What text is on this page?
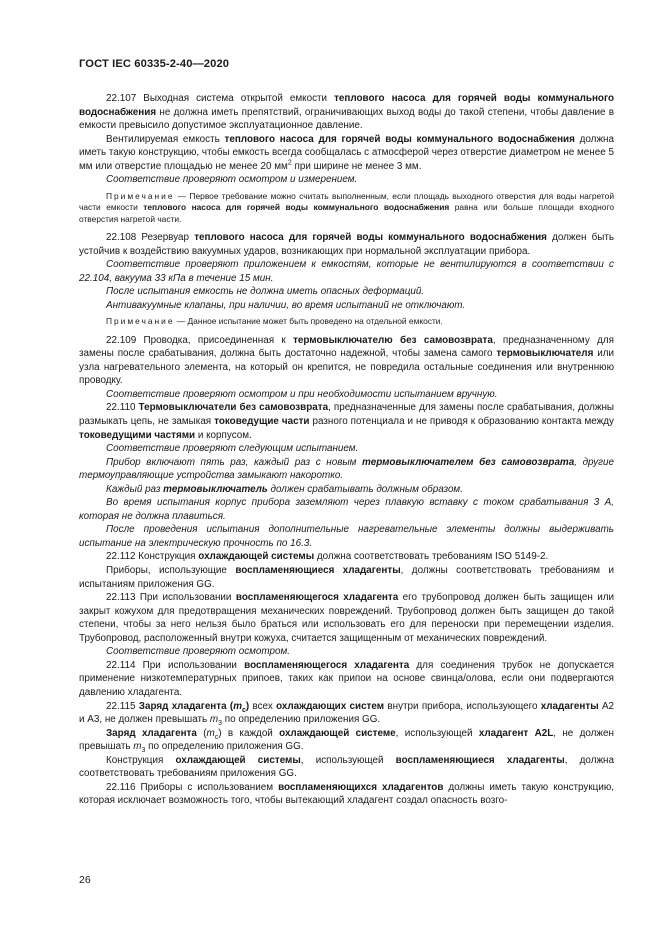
ГОСТ IEC 60335-2-40—2020

22.107 Выходная система открытой емкости теплового насоса для горячей воды коммунального водоснабжения не должна иметь препятствий, ограничивающих выход воды до такой степени, чтобы давление в емкости превысило допустимое эксплуатационное давление.

Вентилируемая емкость теплового насоса для горячей воды коммунального водоснабжения должна иметь такую конструкцию, чтобы емкость всегда сообщалась с атмосферой через отверстие диаметром не менее 5 мм или отверстие площадью не менее 20 $мм^2$ при ширине не менее 3 мм.

Соответствие проверяют осмотром и измерением.

Примечание — Первое требование можно считать выполненным, если площадь выходного отверстия для воды нагретой части емкости теплового насоса для горячей воды коммунального водоснабжения равна или больше площади входного отверстия нагретой части.

22.108 Резервуар теплового насоса для горячей воды коммунального водоснабжения должен быть устойчив к воздействию вакуумных ударов, возникающих при нормальной эксплуатации прибора.

Соответствие проверяют приложением к емкостям, которые не вентилируются в соответствии с 22.104, вакуума 33 кПа в течение 15 мин.

После испытания емкость не должна иметь опасных деформаций.

Антивакуумные клапаны, при наличии, во время испытаний не отключают.

Примечание — Данное испытание может быть проведено на отдельной емкости.

22.109 Проводка, присоединенная к термовыключателю без самовозврата, предназначенному для замены после срабатывания, должна быть достаточно надежной, чтобы замена самого термовыключателя или узла нагревательного элемента, на который он крепится, не повредила остальные соединения или внутреннюю проводку.

Соответствие проверяют осмотром и при необходимости испытанием вручную.

22.110 Термовыключатели без самовозврата, предназначенные для замены после срабатывания, должны размыкать цепь, не замыкая токоведущие части разного потенциала и не приводя к образованию контакта между токоведущими частями и корпусом.

Соответствие проверяют следующим испытанием.

Прибор включают пять раз, каждый раз с новым термовыключателем без самовозврата, другие термоуправляющие устройства замыкают накоротко.

Каждый раз термовыключатель должен срабатывать должным образом.

Во время испытания корпус прибора заземляют через плавкую вставку с током срабатывания 3 А, которая не должна плавиться.

После проведения испытания дополнительные нагревательные элементы должны выдерживать испытание на электрическую прочность по 16.3.

22.112 Конструкция охлаждающей системы должна соответствовать требованиям ISO 5149-2.

Приборы, использующие воспламеняющиеся хладагенты, должны соответствовать требованиям и испытаниям приложения GG.

22.113 При использовании воспламеняющегося хладагента его трубопровод должен быть защищен или закрыт кожухом для предотвращения механических повреждений. Трубопровод должен быть защищен до такой степени, чтобы за него нельзя было браться или использовать его для переноски при перемещении изделия. Трубопровод, расположенный внутри кожуха, считается защищенным от механических повреждений.

Соответствие проверяют осмотром.

22.114 При использовании воспламеняющегося хладагента для соединения трубок не допускается применение низкотемпературных припоев, таких как припои на основе свинца/олова, если они подвергаются давлению хладагента.

22.115 Заряд хладагента $(m_c)$ всех охлаждающих систем внутри прибора, использующего хладагенты A2 и A3, не должен превышать $m_3$ по определению приложения GG.

Заряд хладагента $(m_c)$ в каждой охлаждающей системе, использующей хладагент A2L, не должен превышать $m_3$ по определению приложения GG.

Конструкция охлаждающей системы, использующей воспламеняющиеся хладагенты, должна соответствовать требованиям приложения GG.

22.116 Приборы с использованием воспламеняющихся хладагентов должны иметь такую конструкцию, которая исключает возможность того, чтобы вытекающий хладагент создал опасность возго-

26
